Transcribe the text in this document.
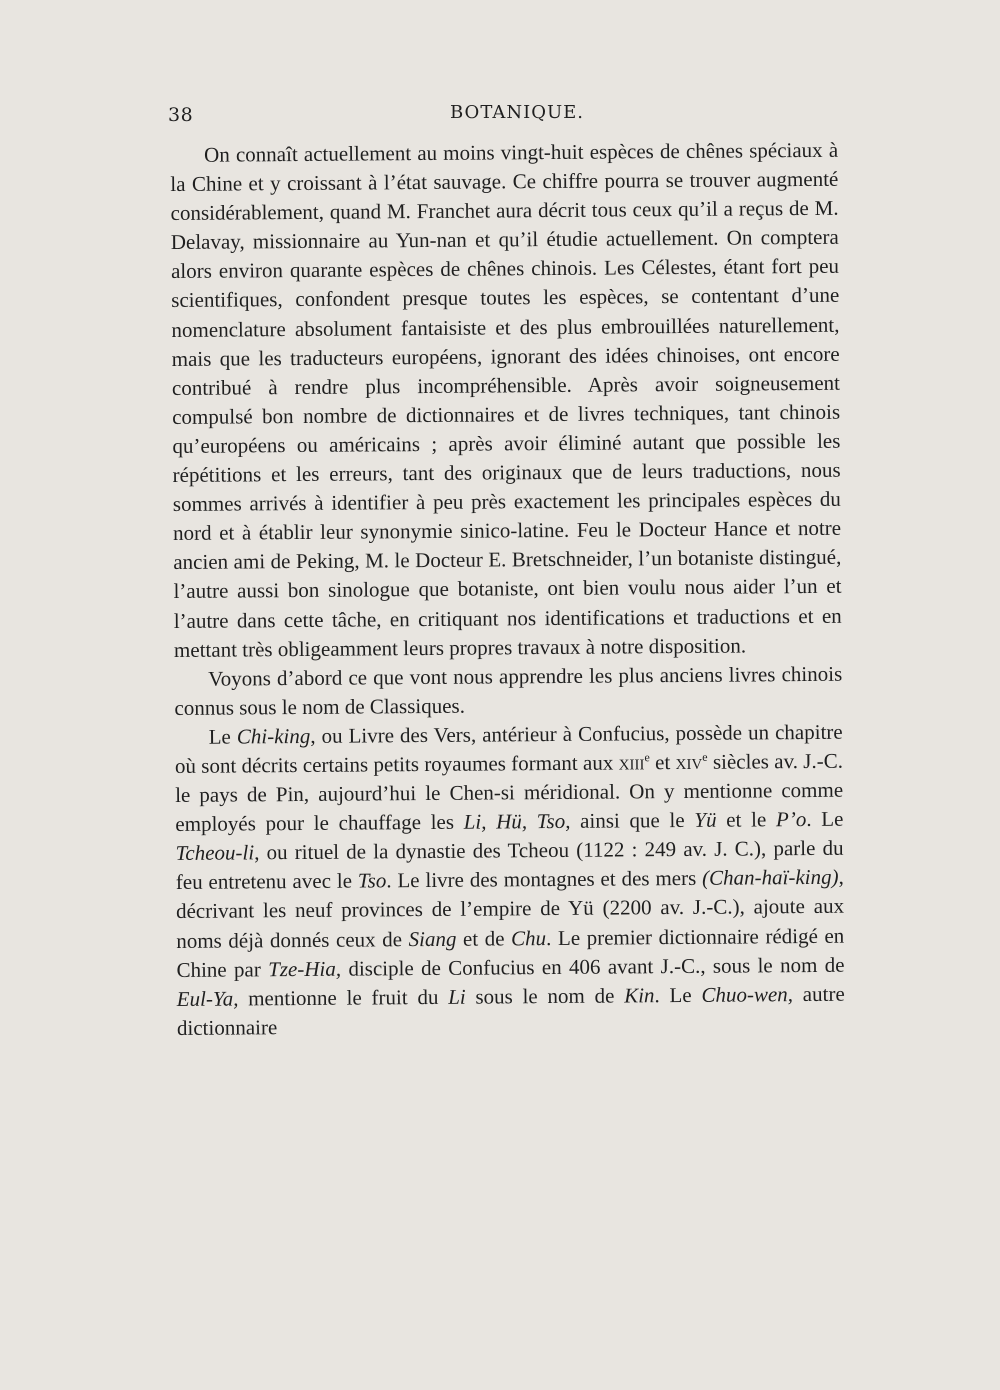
38	BOTANIQUE.

On connaît actuellement au moins vingt-huit espèces de chênes spéciaux à la Chine et y croissant à l’état sauvage. Ce chiffre pourra se trouver augmenté considérablement, quand M. Franchet aura décrit tous ceux qu’il a reçus de M. Delavay, missionnaire au Yun-nan et qu’il étudie actuellement. On comptera alors environ quarante espèces de chênes chinois. Les Célestes, étant fort peu scientifiques, confondent presque toutes les espèces, se contentant d’une nomenclature absolument fantaisiste et des plus embrouillées naturellement, mais que les traducteurs européens, ignorant des idées chinoises, ont encore contribué à rendre plus incompréhensible. Après avoir soigneusement compulsé bon nombre de dictionnaires et de livres techniques, tant chinois qu’européens ou américains ; après avoir éliminé autant que possible les répétitions et les erreurs, tant des originaux que de leurs traductions, nous sommes arrivés à identifier à peu près exactement les principales espèces du nord et à établir leur synonymie sinico-latine. Feu le Docteur Hance et notre ancien ami de Peking, M. le Docteur E. Bretschneider, l’un botaniste distingué, l’autre aussi bon sinologue que botaniste, ont bien voulu nous aider l’un et l’autre dans cette tâche, en critiquant nos identifications et traductions et en mettant très obligeamment leurs propres travaux à notre disposition.

Voyons d’abord ce que vont nous apprendre les plus anciens livres chinois connus sous le nom de Classiques.

Le Chi-king, ou Livre des Vers, antérieur à Confucius, possède un chapitre où sont décrits certains petits royaumes formant aux xiii$^e$ et xiv$^e$ siècles av. J.-C. le pays de Pin, aujourd’hui le Chen-si méridional. On y mentionne comme employés pour le chauffage les Li, Hü, Tso, ainsi que le Yü et le P’o. Le Tcheou-li, ou rituel de la dynastie des Tcheou (1122 : 249 av. J. C.), parle du feu entretenu avec le Tso. Le livre des montagnes et des mers (Chan-haï-king), décrivant les neuf provinces de l’empire de Yü (2200 av. J.-C.), ajoute aux noms déjà donnés ceux de Siang et de Chu. Le premier dictionnaire rédigé en Chine par Tze-Hia, disciple de Confucius en 406 avant J.-C., sous le nom de Eul-Ya, mentionne le fruit du Li sous le nom de Kin. Le Chuo-wen, autre dictionnaire
